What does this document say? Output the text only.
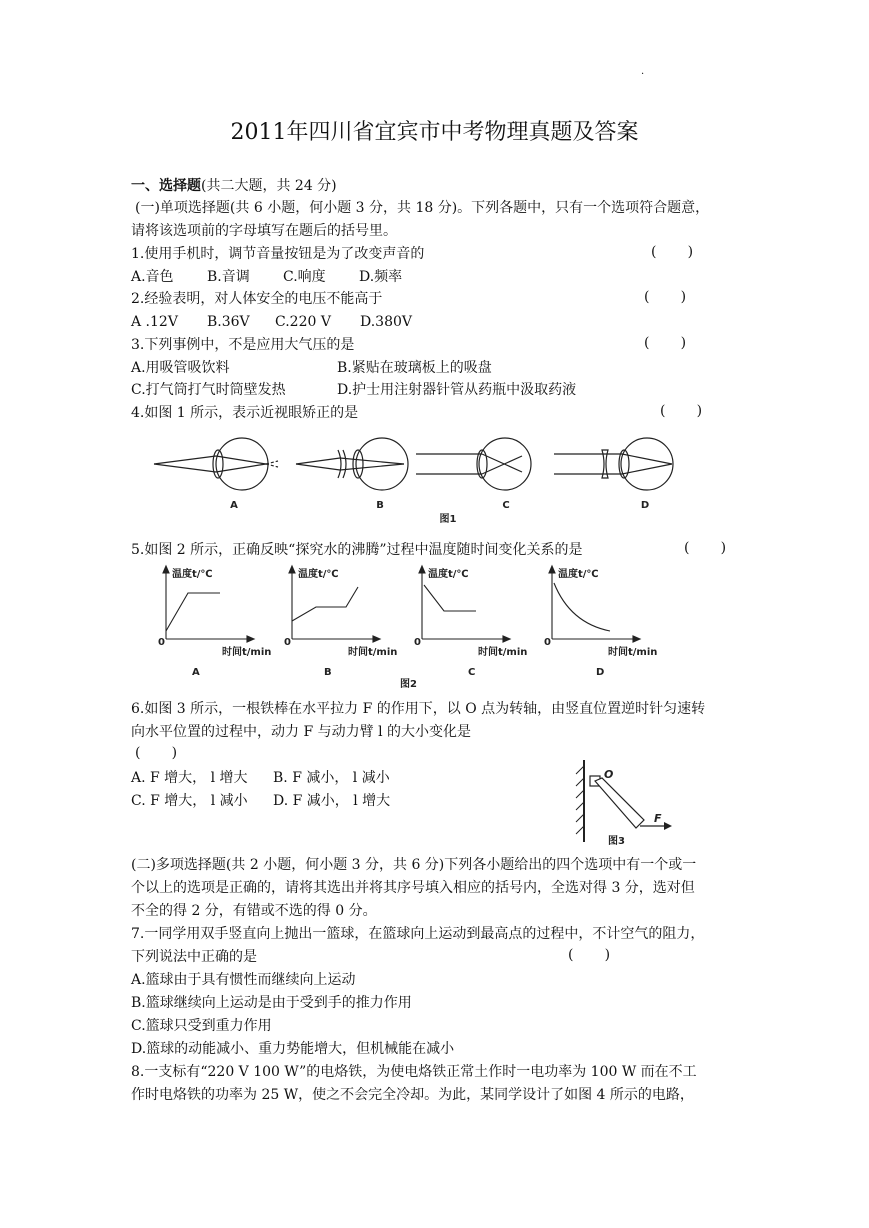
.
2011年四川省宜宾市中考物理真题及答案
一、选择题(共二大题，共 24 分)
(一)单项选择题(共 6 小题，何小题 3 分，共 18 分)。下列各题中，只有一个选项符合题意，
请将该选项前的字母填写在题后的括号里。
1.使用手机时，调节音量按钮是为了改变声音的	(       )
A.音色 B.音调 C.响度 D.频率
2.经验表明，对人体安全的电压不能高于	(       )
A .12V B.36V C.220 V D.380V
3.下列事例中，不是应用大气压的是	(       )
A.用吸管吸饮料	B.紧贴在玻璃板上的吸盘
C.打气筒打气时筒壁发热	D.护士用注射器针管从药瓶中汲取药液
4.如图 1 所示，表示近视眼矫正的是	(       )
A	B	C	D
图1
5.如图 2 所示，正确反映“探究水的沸腾”过程中温度随时间变化关系的是	(       )
温度t/℃	温度t/℃	温度t/℃	温度t/℃
0	0	0	0
时间t/min	时间t/min	时间t/min	时间t/min
A	B	C	D
图2
6.如图 3 所示，一根铁棒在水平拉力 F 的作用下，以 O 点为转轴，由竖直位置逆时针匀速转
向水平位置的过程中，动力 F 与动力臂 l 的大小变化是
(       )
A. F 增大， l 增大 B. F 减小， l 减小
C. F 增大， l 减小 D. F 减小， l 增大
O
F
图3
(二)多项选择题(共 2 小题，何小题 3 分，共 6 分)下列各小题给出的四个选项中有一个或一
个以上的选项是正确的，请将其选出并将其序号填入相应的括号内，全选对得 3 分，选对但
不全的得 2 分，有错或不选的得 0 分。
7.一同学用双手竖直向上抛出一篮球，在篮球向上运动到最高点的过程中，不计空气的阻力，
下列说法中正确的是	(       )
A.篮球由于具有惯性而继续向上运动
B.篮球继续向上运动是由于受到手的推力作用
C.篮球只受到重力作用
D.篮球的动能减小、重力势能增大，但机械能在减小
8.一支标有“220 V 100 W”的电烙铁，为使电烙铁正常土作时一电功率为 100 W 而在不工
作时电烙铁的功率为 25 W，使之不会完全冷却。为此，某同学设计了如图 4 所示的电路，
